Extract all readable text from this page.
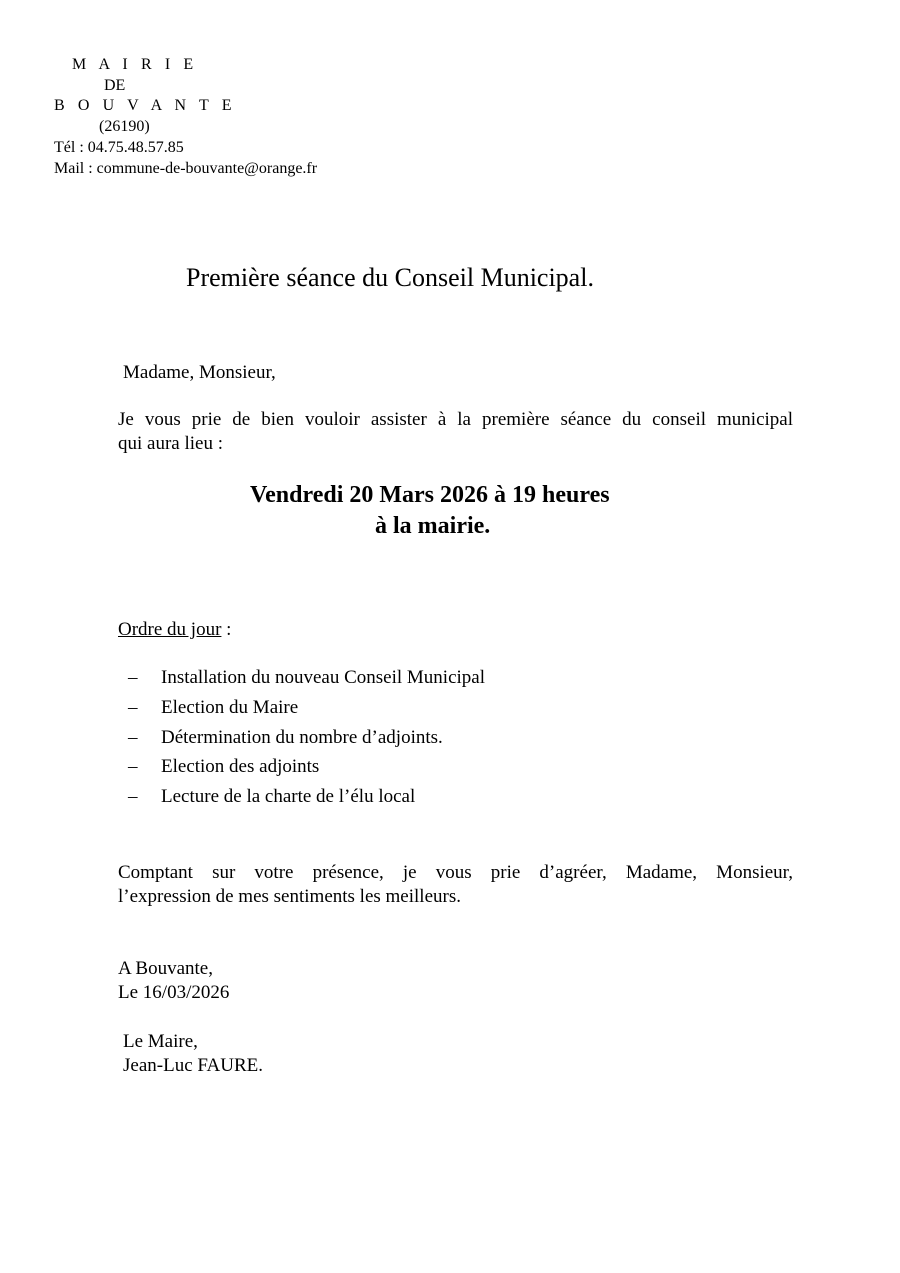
M A I R I E
DE
B O U V A N T E
(26190)
Tél : 04.75.48.57.85
Mail : commune-de-bouvante@orange.fr
Première séance du Conseil Municipal.
Madame, Monsieur,
Je vous prie de bien vouloir assister à la première séance du conseil municipal
qui aura lieu :
Vendredi 20 Mars 2026 à 19 heures
à la mairie.
Ordre du jour :
– Installation du nouveau Conseil Municipal
– Election du Maire
– Détermination du nombre d’adjoints.
– Election des adjoints
– Lecture de la charte de l’élu local
Comptant sur votre présence, je vous prie d’agréer, Madame, Monsieur,
l’expression de mes sentiments les meilleurs.
A Bouvante,
Le 16/03/2026
Le Maire,
Jean-Luc FAURE.
